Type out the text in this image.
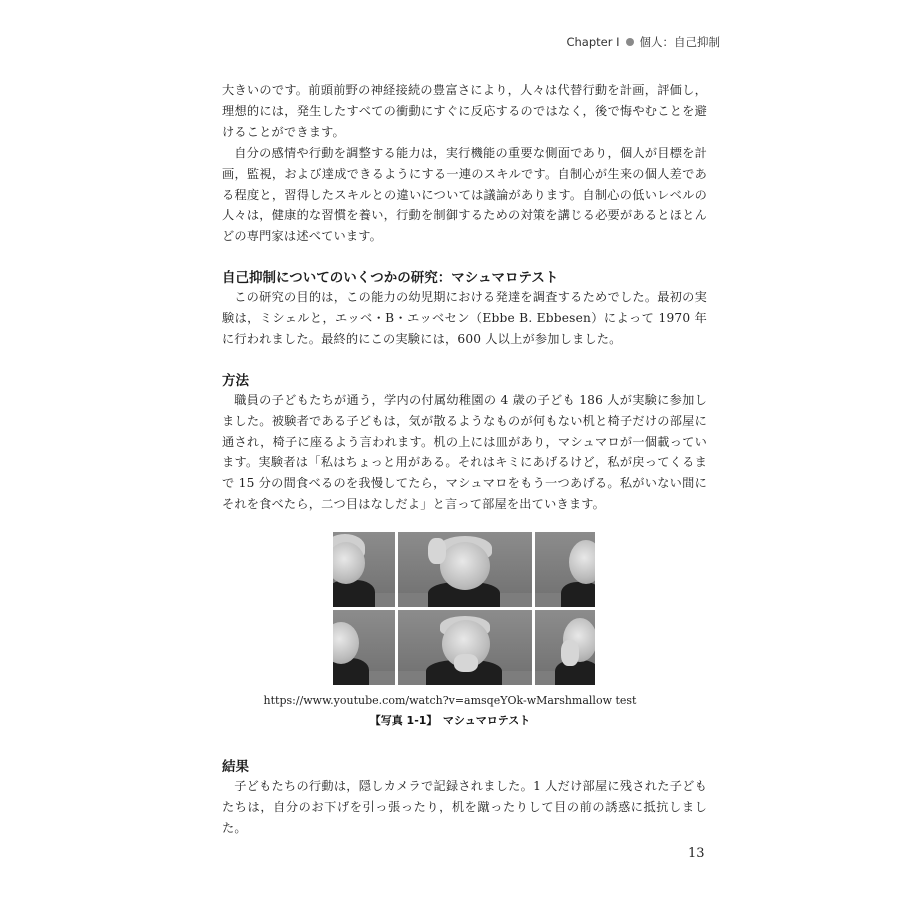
Chapter I 個人：自己抑制

大きいのです。前頭前野の神経接続の豊富さにより，人々は代替行動を計画，評価し，理想的には，発生したすべての衝動にすぐに反応するのではなく，後で悔やむことを避けることができます。

自分の感情や行動を調整する能力は，実行機能の重要な側面であり，個人が目標を計画，監視，および達成できるようにする一連のスキルです。自制心が生来の個人差である程度と，習得したスキルとの違いについては議論があります。自制心の低いレベルの人々は，健康的な習慣を養い，行動を制御するための対策を講じる必要があるとほとんどの専門家は述べています。

自己抑制についてのいくつかの研究：マシュマロテスト

この研究の目的は，この能力の幼児期における発達を調査するためでした。最初の実験は，ミシェルと，エッベ・B・エッベセン（Ebbe B. Ebbesen）によって 1970 年に行われました。最終的にこの実験には，600 人以上が参加しました。

方法

職員の子どもたちが通う，学内の付属幼稚園の 4 歳の子ども 186 人が実験に参加しました。被験者である子どもは，気が散るようなものが何もない机と椅子だけの部屋に通され，椅子に座るよう言われます。机の上には皿があり，マシュマロが一個載っています。実験者は「私はちょっと用がある。それはキミにあげるけど，私が戻ってくるまで 15 分の間食べるのを我慢してたら，マシュマロをもう一つあげる。私がいない間にそれを食べたら，二つ目はなしだよ」と言って部屋を出ていきます。

結果

子どもたちの行動は，隠しカメラで記録されました。1 人だけ部屋に残された子どもたちは，自分のお下げを引っ張ったり，机を蹴ったりして目の前の誘惑に抵抗しました。

https://www.youtube.com/watch?v=amsqeYOk-wMarshmallow test

【写真 1-1】　マシュマロテスト

13
